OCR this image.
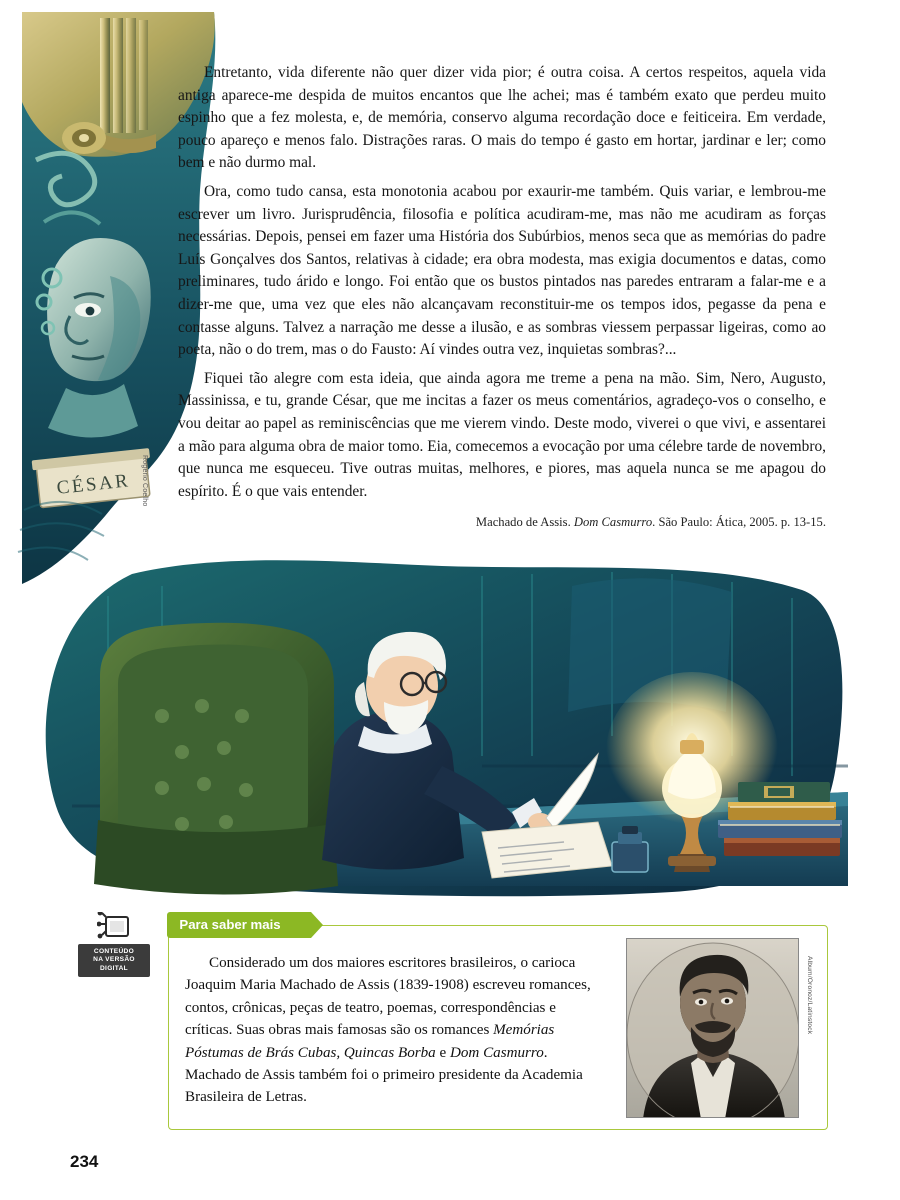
CÉSAR Rogério Coelho

Entretanto, vida diferente não quer dizer vida pior; é outra coisa. A certos respeitos, aquela vida antiga aparece-me despida de muitos encantos que lhe achei; mas é também exato que perdeu muito espinho que a fez molesta, e, de memória, conservo alguma recordação doce e feiticeira. Em verdade, pouco apareço e menos falo. Distrações raras. O mais do tempo é gasto em hortar, jardinar e ler; como bem e não durmo mal.

Ora, como tudo cansa, esta monotonia acabou por exaurir-me também. Quis variar, e lembrou-me escrever um livro. Jurisprudência, filosofia e política acudiram-me, mas não me acudiram as forças necessárias. Depois, pensei em fazer uma História dos Subúrbios, menos seca que as memórias do padre Luís Gonçalves dos Santos, relativas à cidade; era obra modesta, mas exigia documentos e datas, como preliminares, tudo árido e longo. Foi então que os bustos pintados nas paredes entraram a falar-me e a dizer-me que, uma vez que eles não alcançavam reconstituir-me os tempos idos, pegasse da pena e contasse alguns. Talvez a narração me desse a ilusão, e as sombras viessem perpassar ligeiras, como ao poeta, não o do trem, mas o do Fausto: Aí vindes outra vez, inquietas sombras?...

Fiquei tão alegre com esta ideia, que ainda agora me treme a pena na mão. Sim, Nero, Augusto, Massinissa, e tu, grande César, que me incitas a fazer os meus comentários, agradeço-vos o conselho, e vou deitar ao papel as reminiscências que me vierem vindo. Deste modo, viverei o que vivi, e assentarei a mão para alguma obra de maior tomo. Eia, comecemos a evocação por uma célebre tarde de novembro, que nunca me esqueceu. Tive outras muitas, melhores, e piores, mas aquela nunca se me apagou do espírito. É o que vais entender.

Machado de Assis. Dom Casmurro. São Paulo: Ática, 2005. p. 13-15.
CONTEÚDO
NA VERSÃO
DIGITAL
Para saber mais
Considerado um dos maiores escritores brasileiros, o carioca Joaquim Maria Machado de Assis (1839-1908) escreveu romances, contos, crônicas, peças de teatro, poemas, correspondências e críticas. Suas obras mais famosas são os romances Memórias Póstumas de Brás Cubas, Quincas Borba e Dom Casmurro. Machado de Assis também foi o primeiro presidente da Academia Brasileira de Letras.
Album/Oronoz/Latinstock
234
